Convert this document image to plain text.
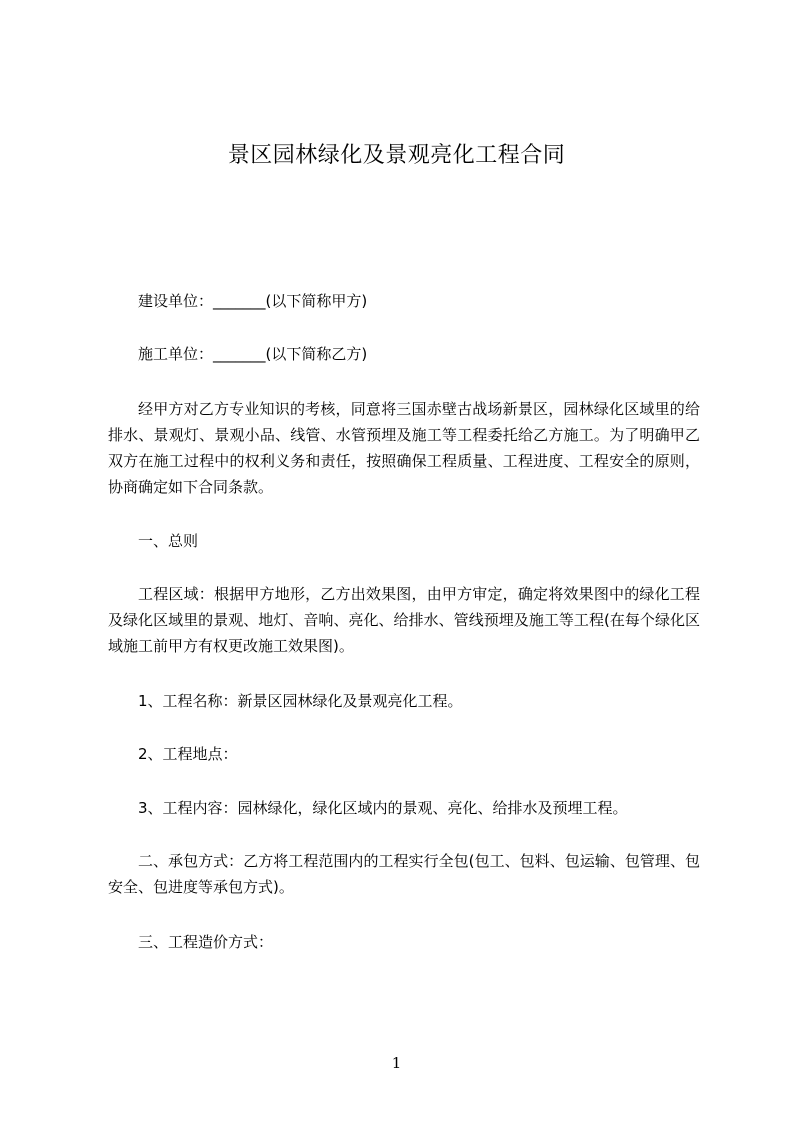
景区园林绿化及景观亮化工程合同
建设单位：_______(以下简称甲方)
施工单位：_______(以下简称乙方)
经甲方对乙方专业知识的考核，同意将三国赤壁古战场新景区，园林绿化区域里的给排水、景观灯、景观小品、线管、水管预埋及施工等工程委托给乙方施工。为了明确甲乙双方在施工过程中的权利义务和责任，按照确保工程质量、工程进度、工程安全的原则，协商确定如下合同条款。
一、总则
工程区域：根据甲方地形，乙方出效果图，由甲方审定，确定将效果图中的绿化工程及绿化区域里的景观、地灯、音响、亮化、给排水、管线预埋及施工等工程(在每个绿化区域施工前甲方有权更改施工效果图)。
1、工程名称：新景区园林绿化及景观亮化工程。
2、工程地点：
3、工程内容：园林绿化，绿化区域内的景观、亮化、给排水及预埋工程。
二、承包方式：乙方将工程范围内的工程实行全包(包工、包料、包运输、包管理、包安全、包进度等承包方式)。
三、工程造价方式：
1
